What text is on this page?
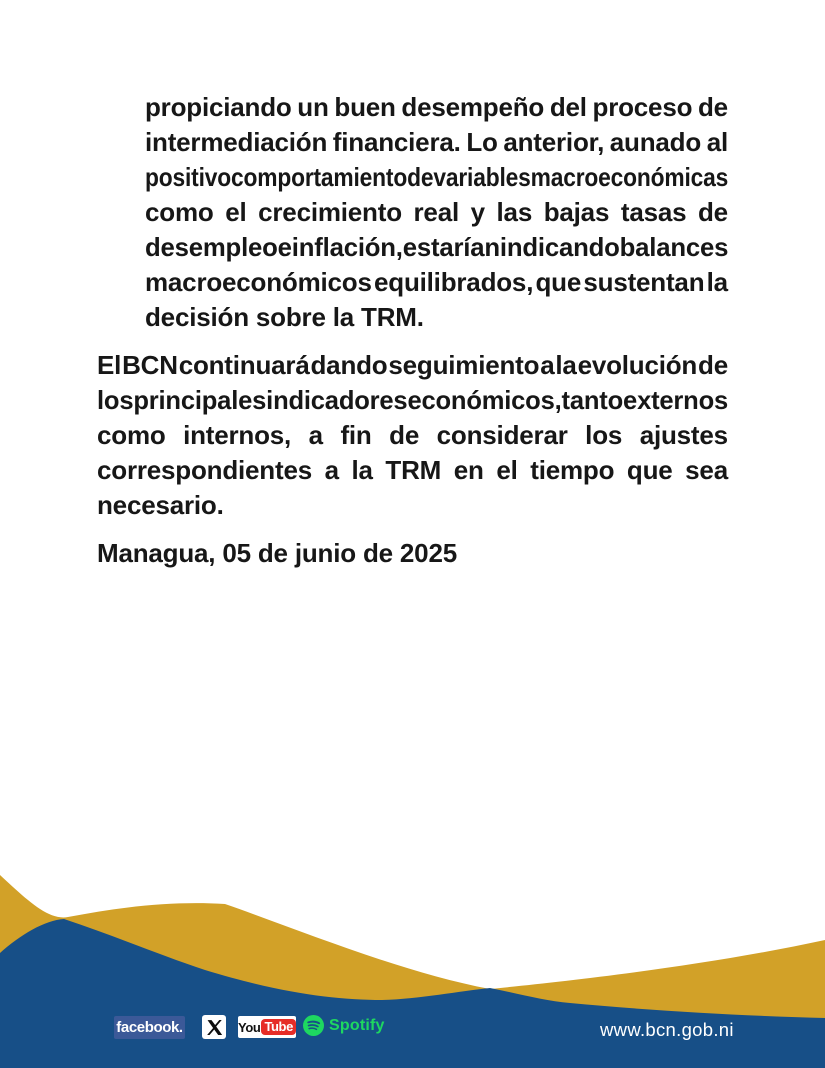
propiciando un buen desempeño del proceso de
intermediación financiera. Lo anterior, aunado al
positivo comportamiento de variables macroeconómicas
como el crecimiento real y las bajas tasas de
desempleo e inflación, estarían indicando balances
macroeconómicos equilibrados, que sustentan la
decisión sobre la TRM.
El BCN continuará dando seguimiento a la evolución de
los principales indicadores económicos, tanto externos
como internos, a fin de considerar los ajustes
correspondientes a la TRM en el tiempo que sea
necesario.
Managua, 05 de junio de 2025
facebook.	You Tube Spotify	www.bcn.gob.ni
